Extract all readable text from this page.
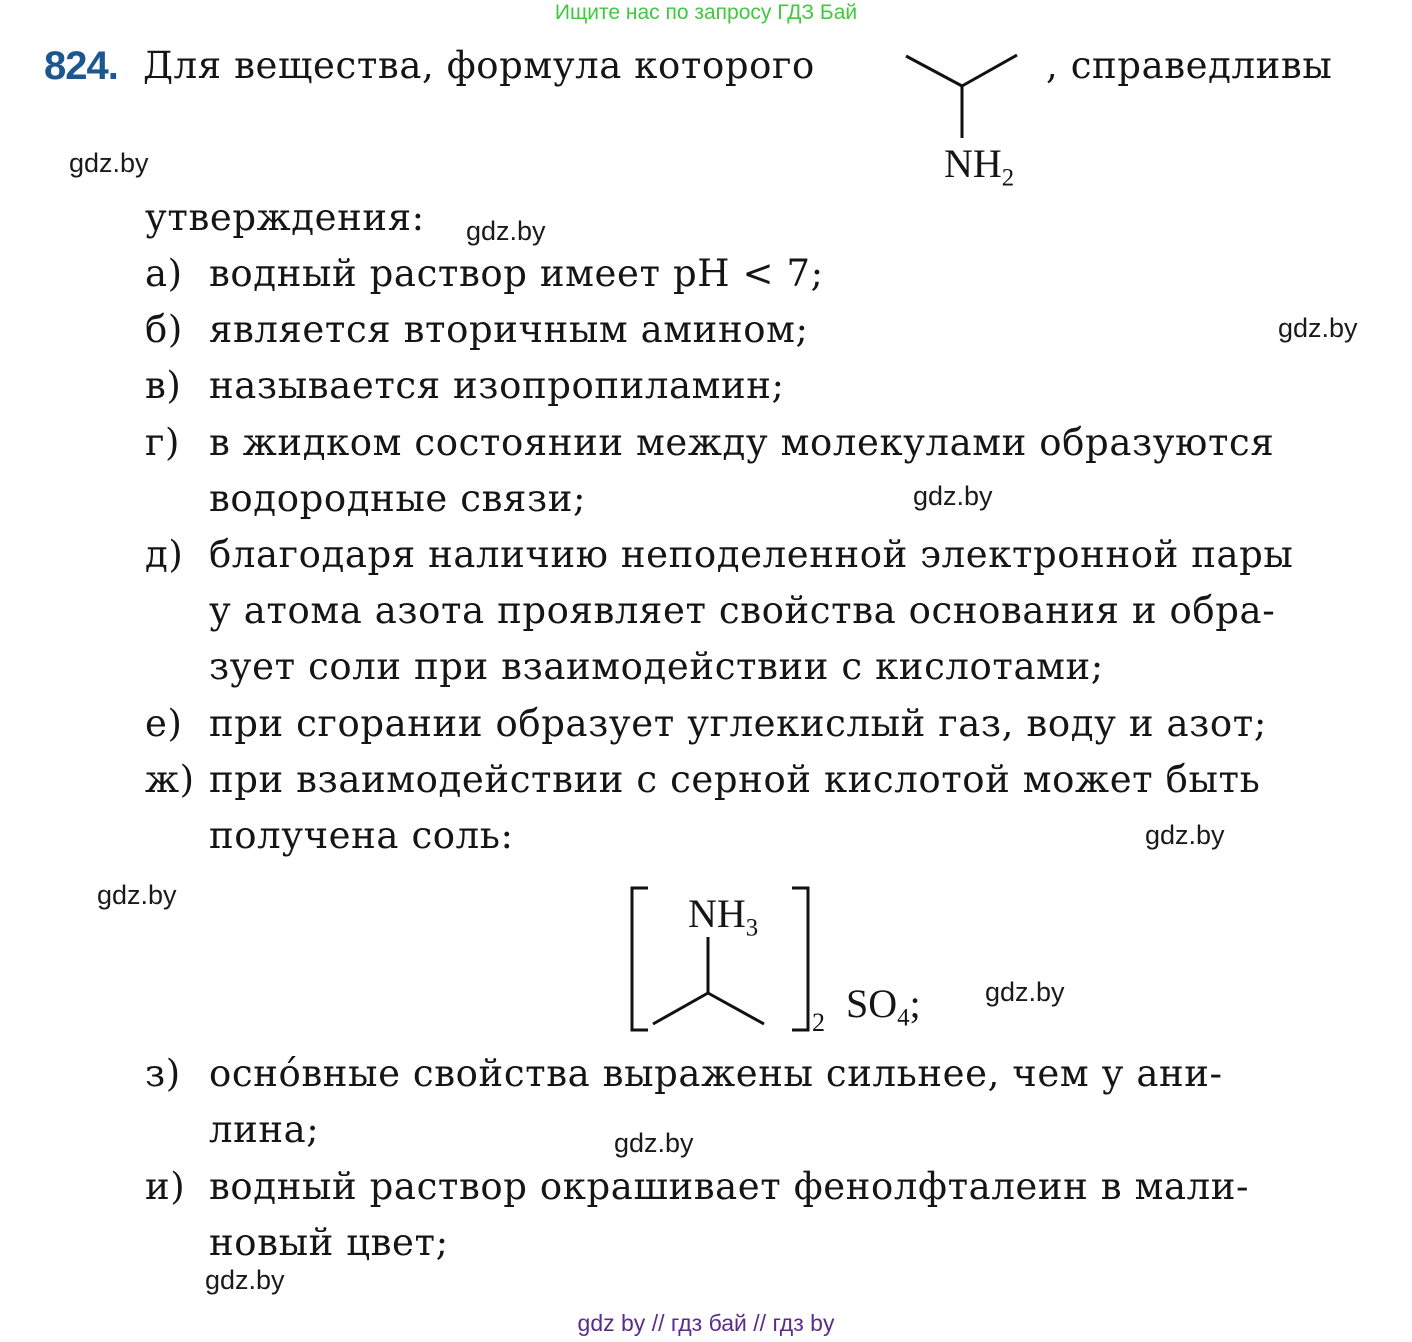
Ищите нас по запросу ГДЗ Бай
824. Для вещества, формула которого	, справедливы
$NH_2$
утверждения:
а) водный раствор имеет pH < 7;
б) является вторичным амином;
в) называется изопропиламин;
г) в жидком состоянии между молекулами образуются
водородные связи;
д) благодаря наличию неподеленной электронной пары
у атома азота проявляет свойства основания и обра-
зует соли при взаимодействии с кислотами;
е) при сгорании образует углекислый газ, воду и азот;
ж) при взаимодействии с серной кислотой может быть
получена соль:
$NH_3$
2 $SO_4$;
з) осно́вные свойства выражены сильнее, чем у ани-
лина;
и) водный раствор окрашивает фенолфталеин в мали-
новый цвет;
gdz.by
gdz.by
gdz.by
gdz.by
gdz.by
gdz.by
gdz.by
gdz.by
gdz.by
gdz by // гдз бай // гдз by
